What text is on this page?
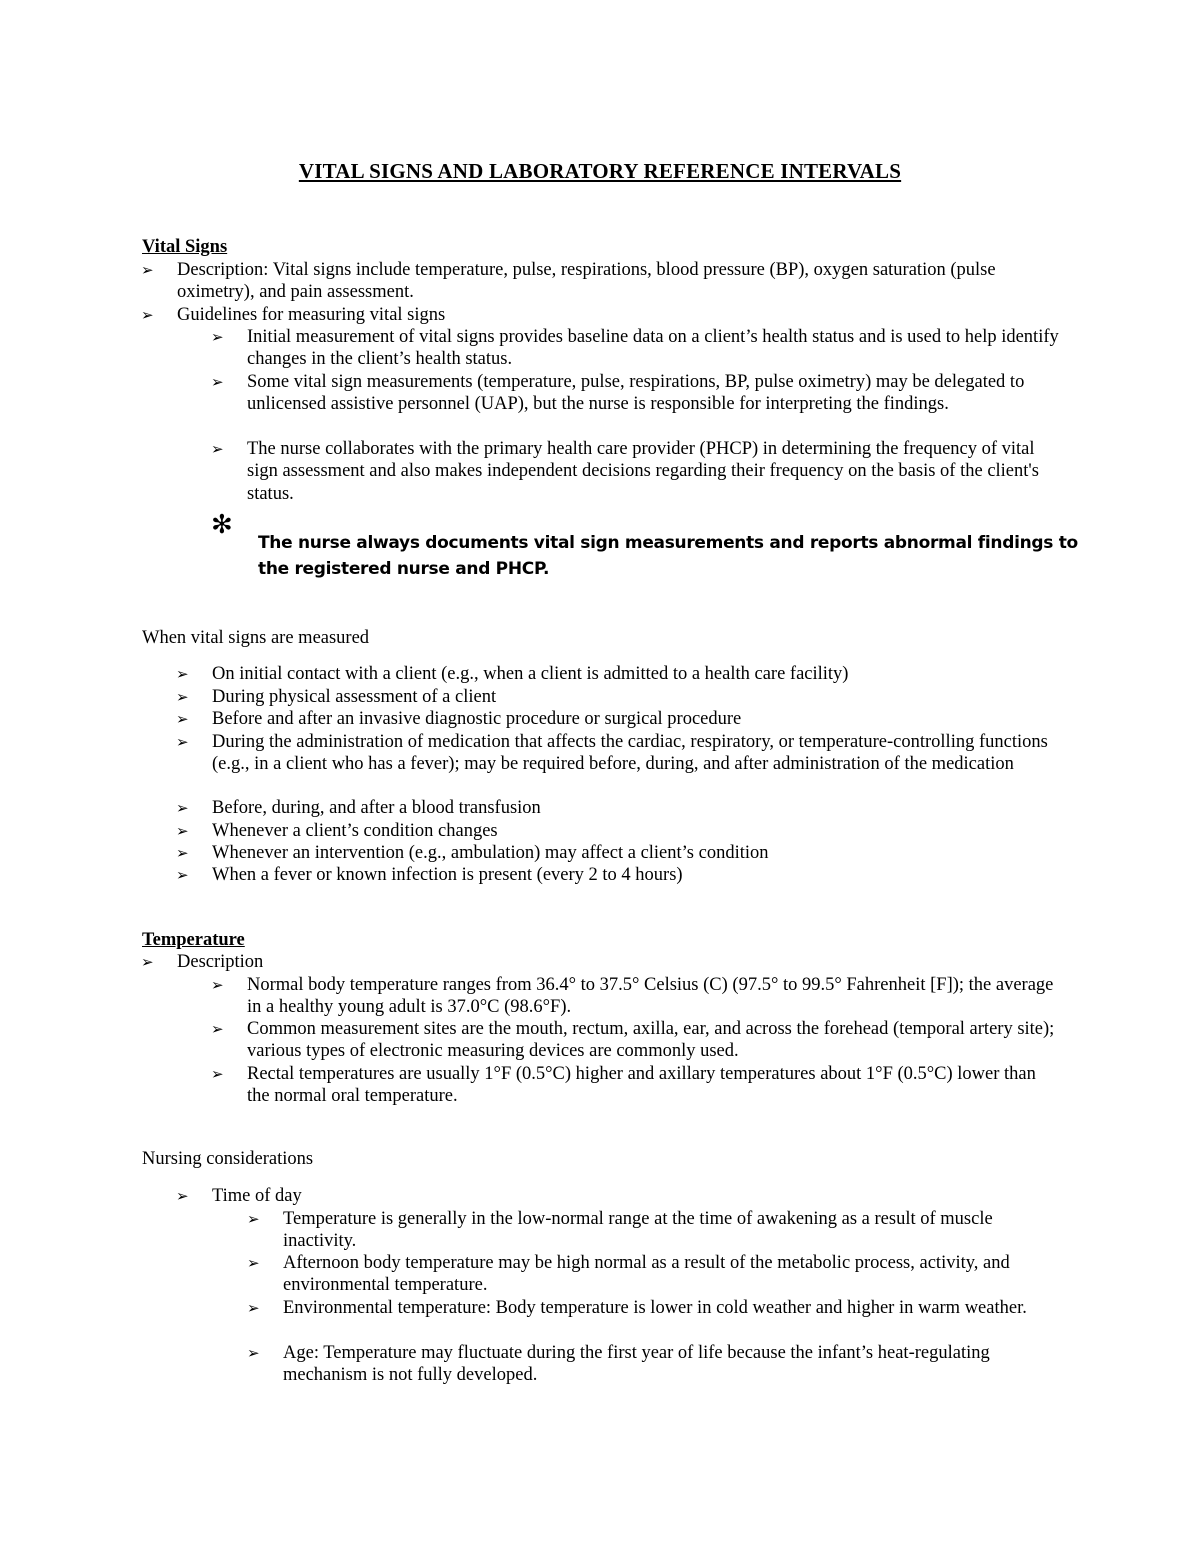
VITAL SIGNS AND LABORATORY REFERENCE INTERVALS
Vital Signs
➢	Description: Vital signs include temperature, pulse, respirations, blood pressure (BP), oxygen saturation (pulse oximetry), and pain assessment.
➢	Guidelines for measuring vital signs
➢	Initial measurement of vital signs provides baseline data on a client’s health status and is used to help identify changes in the client’s health status.
➢	Some vital sign measurements (temperature, pulse, respirations, BP, pulse oximetry) may be delegated to unlicensed assistive personnel (UAP), but the nurse is responsible for interpreting the findings.
➢	The nurse collaborates with the primary health care provider (PHCP) in determining the frequency of vital sign assessment and also makes independent decisions regarding their frequency on the basis of the client's status.
✻
The nurse always documents vital sign measurements and reports abnormal findings to the registered nurse and PHCP.
When vital signs are measured
➢	On initial contact with a client (e.g., when a client is admitted to a health care facility)
➢	During physical assessment of a client
➢	Before and after an invasive diagnostic procedure or surgical procedure
➢	During the administration of medication that affects the cardiac, respiratory, or temperature-controlling functions (e.g., in a client who has a fever); may be required before, during, and after administration of the medication
➢	Before, during, and after a blood transfusion
➢	Whenever a client’s condition changes
➢	Whenever an intervention (e.g., ambulation) may affect a client’s condition
➢	When a fever or known infection is present (every 2 to 4 hours)
Temperature
➢	Description
➢	Normal body temperature ranges from 36.4° to 37.5° Celsius (C) (97.5° to 99.5° Fahrenheit [F]); the average in a healthy young adult is 37.0°C (98.6°F).
➢	Common measurement sites are the mouth, rectum, axilla, ear, and across the forehead (temporal artery site); various types of electronic measuring devices are commonly used.
➢	Rectal temperatures are usually 1°F (0.5°C) higher and axillary temperatures about 1°F (0.5°C) lower than the normal oral temperature.
Nursing considerations
➢	Time of day
➢	Temperature is generally in the low-normal range at the time of awakening as a result of muscle inactivity.
➢	Afternoon body temperature may be high normal as a result of the metabolic process, activity, and environmental temperature.
➢	Environmental temperature: Body temperature is lower in cold weather and higher in warm weather.
➢	Age: Temperature may fluctuate during the first year of life because the infant’s heat-regulating mechanism is not fully developed.
